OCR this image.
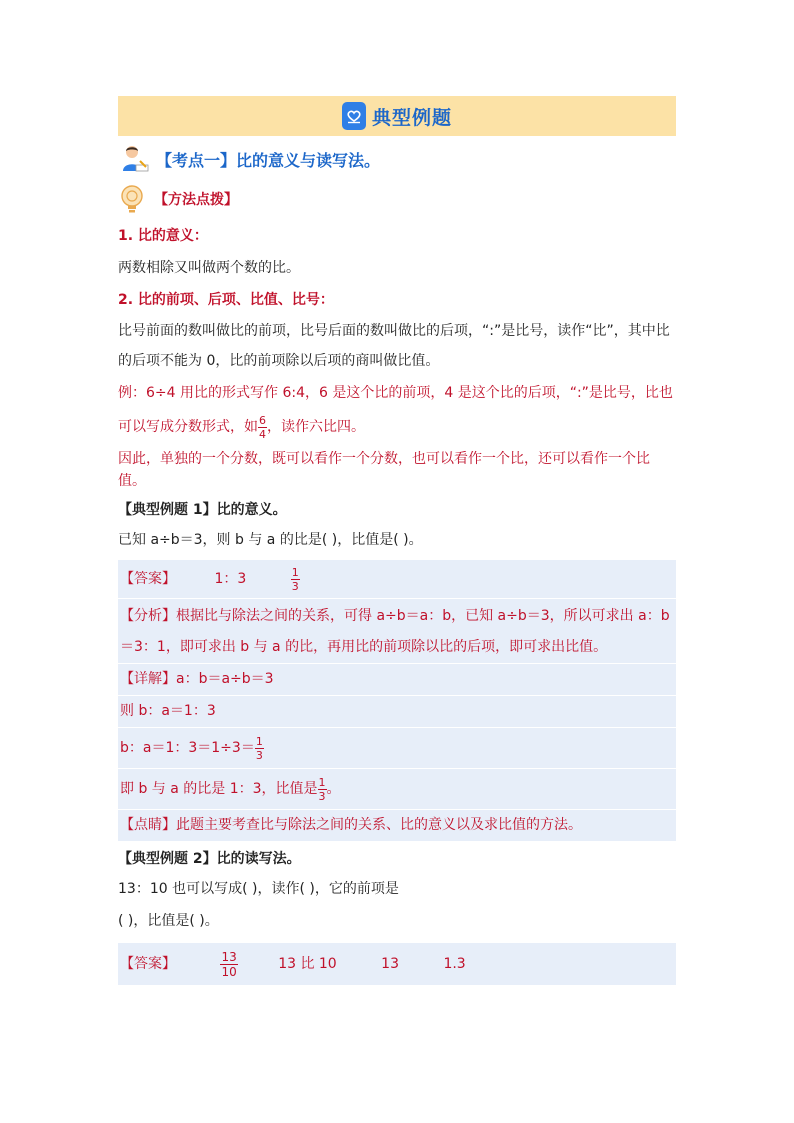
典型例题
【考点一】比的意义与读写法。
【方法点拨】
1. 比的意义：
两数相除又叫做两个数的比。
2. 比的前项、后项、比值、比号：
比号前面的数叫做比的前项，比号后面的数叫做比的后项，“:”是比号，读作“比”，其中比的后项不能为 0，比的前项除以后项的商叫做比值。
例：6÷4 用比的形式写作 6:4，6 是这个比的前项，4 是这个比的后项，“:”是比号，比也可以写成分数形式，如 $\frac{6}{4}$ ，读作六比四。
因此，单独的一个分数，既可以看作一个分数，也可以看作一个比，还可以看作一个比值。
【典型例题 1】比的意义。
已知 a÷b＝3，则 b 与 a 的比是( )，比值是( )。
【答案】	1：3	$\frac{1}{3}$
【分析】根据比与除法之间的关系，可得 a÷b＝a：b，已知 a÷b＝3，所以可求出 a：b＝3：1，即可求出 b 与 a 的比，再用比的前项除以比的后项，即可求出比值。
【详解】a：b＝a÷b＝3
则 b：a＝1：3
b：a＝1：$3=1\div 3= \frac{1}{3}$
即 b 与 a 的比是 1：3，比值是 $\frac{1}{3}$ 。
【点睛】此题主要考查比与除法之间的关系、比的意义以及求比值的方法。
【典型例题 2】比的读写法。
13：10 也可以写成( )，读作( )，它的前项是
( )，比值是( )。
【答案】	$\frac{13}{10}$	13 比 10	13	1.3
